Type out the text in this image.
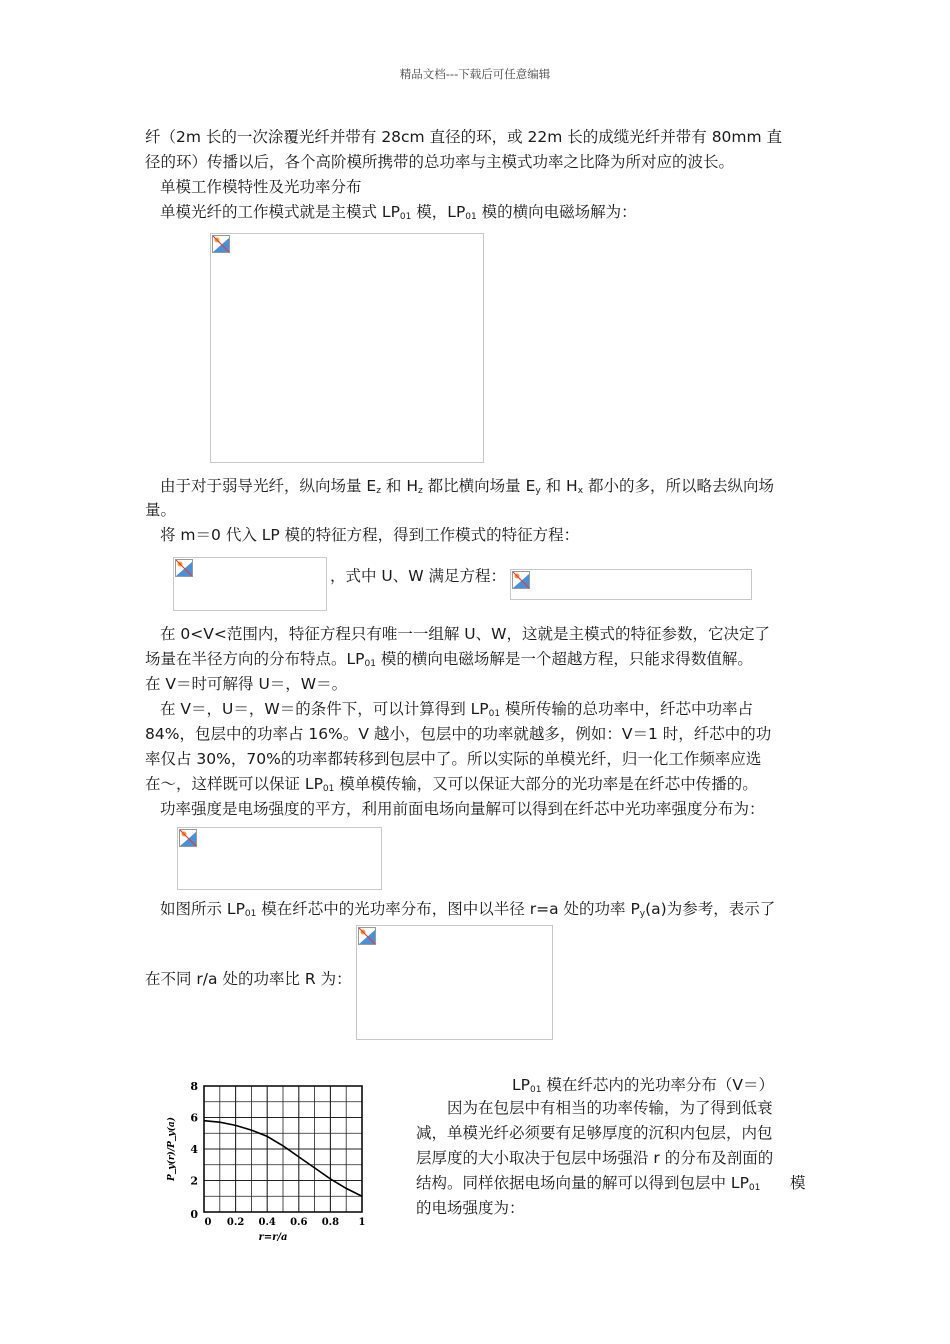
精品文档---下载后可任意编辑
纤（2m 长的一次涂覆光纤并带有 28cm 直径的环，或 22m 长的成缆光纤并带有 80mm 直
径的环）传播以后，各个高阶模所携带的总功率与主模式功率之比降为所对应的波长。
单模工作模特性及光功率分布
单模光纤的工作模式就是主模式 $LP_{01}$ 模，$LP_{01}$ 模的横向电磁场解为：
由于对于弱导光纤，纵向场量 $E_z$ 和 $H_z$ 都比横向场量 $E_y$ 和 $H_x$ 都小的多，所以略去纵向场
量。
将 m＝0 代入 LP 模的特征方程，得到工作模式的特征方程：
，式中 U、W 满足方程：
在 0<V<范围内，特征方程只有唯一一组解 U、W，这就是主模式的特征参数，它决定了
场量在半径方向的分布特点。$LP_{01}$ 模的横向电磁场解是一个超越方程，只能求得数值解。
在 V＝时可解得 U＝，W＝。
在 V＝，U＝，W＝的条件下，可以计算得到 $LP_{01}$ 模所传输的总功率中，纤芯中功率占
84%，包层中的功率占 16%。V 越小，包层中的功率就越多，例如：V＝1 时，纤芯中的功
率仅占 30%，70%的功率都转移到包层中了。所以实际的单模光纤，归一化工作频率应选
在～，这样既可以保证 $LP_{01}$ 模单模传输，又可以保证大部分的光功率是在纤芯中传播的。
功率强度是电场强度的平方，利用前面电场向量解可以得到在纤芯中光功率强度分布为：
如图所示 $LP_{01}$ 模在纤芯中的光功率分布，图中以半径 r=a 处的功率 $P_y(a)$为参考，表示了
在不同 r/a 处的功率比 R 为：
2
4
6
8
0 0.2 0.4 0.6 0.8 1
0
r=r/a
P_y(r)/P_y(a)
$LP_{01}$ 模在纤芯内的光功率分布（V＝）
　　因为在包层中有相当的功率传输，为了得到低衰
减，单模光纤必须要有足够厚度的沉积内包层，内包
层厚度的大小取决于包层中场强沿 r 的分布及剖面的
结构。同样依据电场向量的解可以得到包层中 $LP_{01}$
的电场强度为：
模
